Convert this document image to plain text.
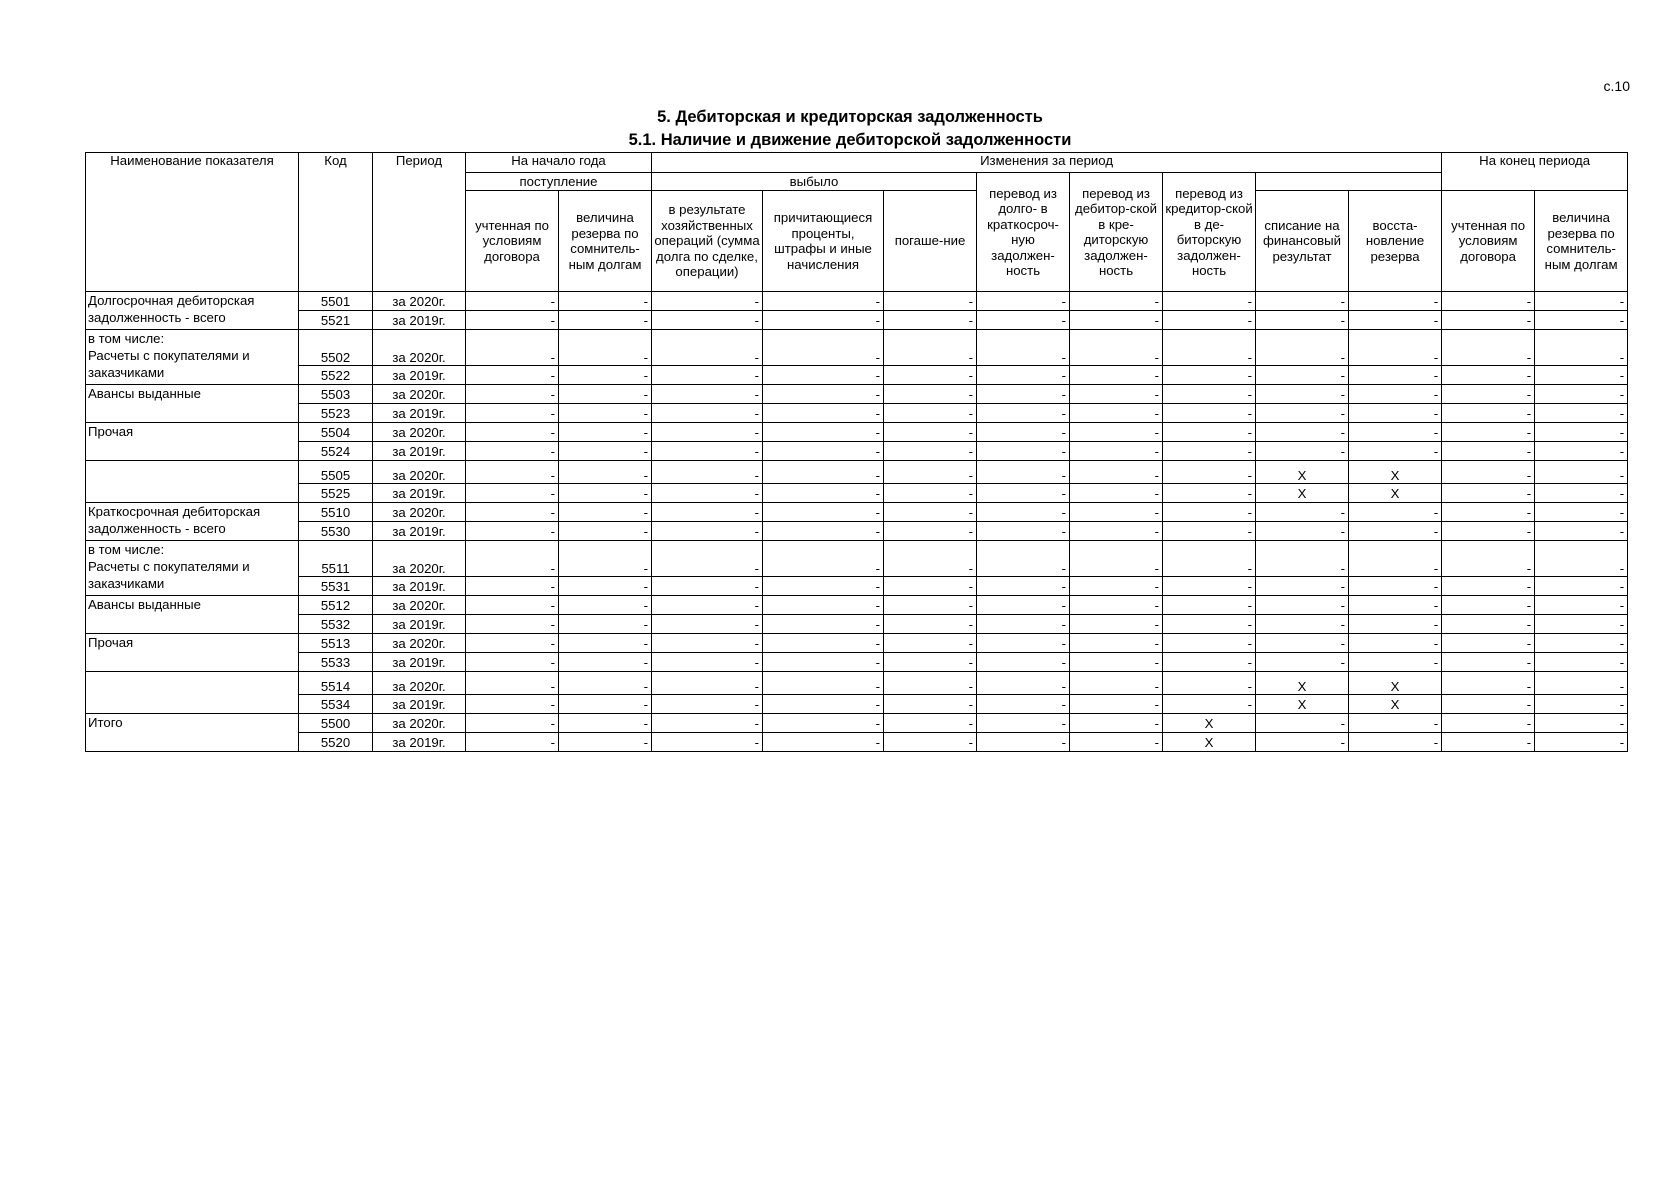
с.10
5. Дебиторская и кредиторская задолженность
5.1. Наличие и движение дебиторской задолженности
Наименование показателя	Код	Период	На начало года		Изменения за период								На конец периода	
			поступление		выбыло			перевод из долго- в краткосроч-ную задолжен-ность	перевод из дебитор-ской в кре-диторскую задолжен-ность	перевод из кредитор-ской в де-биторскую задолжен-ность				
			учтенная по условиям договора	величина резерва по сомнитель-ным долгам	в результате хозяйственных операций (сумма долга по сделке, операции)	причитающиеся проценты, штрафы и иные начисления	погаше-ние				списание на финансовый результат	восста-новление резерва	учтенная по условиям договора	величина резерва по сомнитель-ным долгам
Долгосрочная дебиторская задолженность - всего	5501	за 2020г.	-	-	-	-	-	-	-	-	-	-	-	-
	5521	за 2019г.	-	-	-	-	-	-	-	-	-	-	-	-

в том числе:
Расчеты с покупателями и заказчиками	5502	за 2020г.	-	-	-	-	-	-	-	-	-	-	-	-
	5522	за 2019г.	-	-	-	-	-	-	-	-	-	-	-	-
Авансы выданные	5503	за 2020г.	-	-	-	-	-	-	-	-	-	-	-	-
	5523	за 2019г.	-	-	-	-	-	-	-	-	-	-	-	-
Прочая	5504	за 2020г.	-	-	-	-	-	-	-	-	-	-	-	-
	5524	за 2019г.	-	-	-	-	-	-	-	-	-	-	-	-
	5505	за 2020г.	-	-	-	-	-	-	-	-	X	X	-	-
	5525	за 2019г.	-	-	-	-	-	-	-	-	X	X	-	-
Краткосрочная дебиторская задолженность - всего	5510	за 2020г.	-	-	-	-	-	-	-	-	-	-	-	-
	5530	за 2019г.	-	-	-	-	-	-	-	-	-	-	-	-

в том числе:
Расчеты с покупателями и заказчиками	5511	за 2020г.	-	-	-	-	-	-	-	-	-	-	-	-
	5531	за 2019г.	-	-	-	-	-	-	-	-	-	-	-	-
Авансы выданные	5512	за 2020г.	-	-	-	-	-	-	-	-	-	-	-	-
	5532	за 2019г.	-	-	-	-	-	-	-	-	-	-	-	-
Прочая	5513	за 2020г.	-	-	-	-	-	-	-	-	-	-	-	-
	5533	за 2019г.	-	-	-	-	-	-	-	-	-	-	-	-
	5514	за 2020г.	-	-	-	-	-	-	-	-	X	X	-	-
	5534	за 2019г.	-	-	-	-	-	-	-	-	X	X	-	-
Итого	5500	за 2020г.	-	-	-	-	-	-	-	X	-	-	-	-
	5520	за 2019г.	-	-	-	-	-	-	-	X	-	-	-	-
